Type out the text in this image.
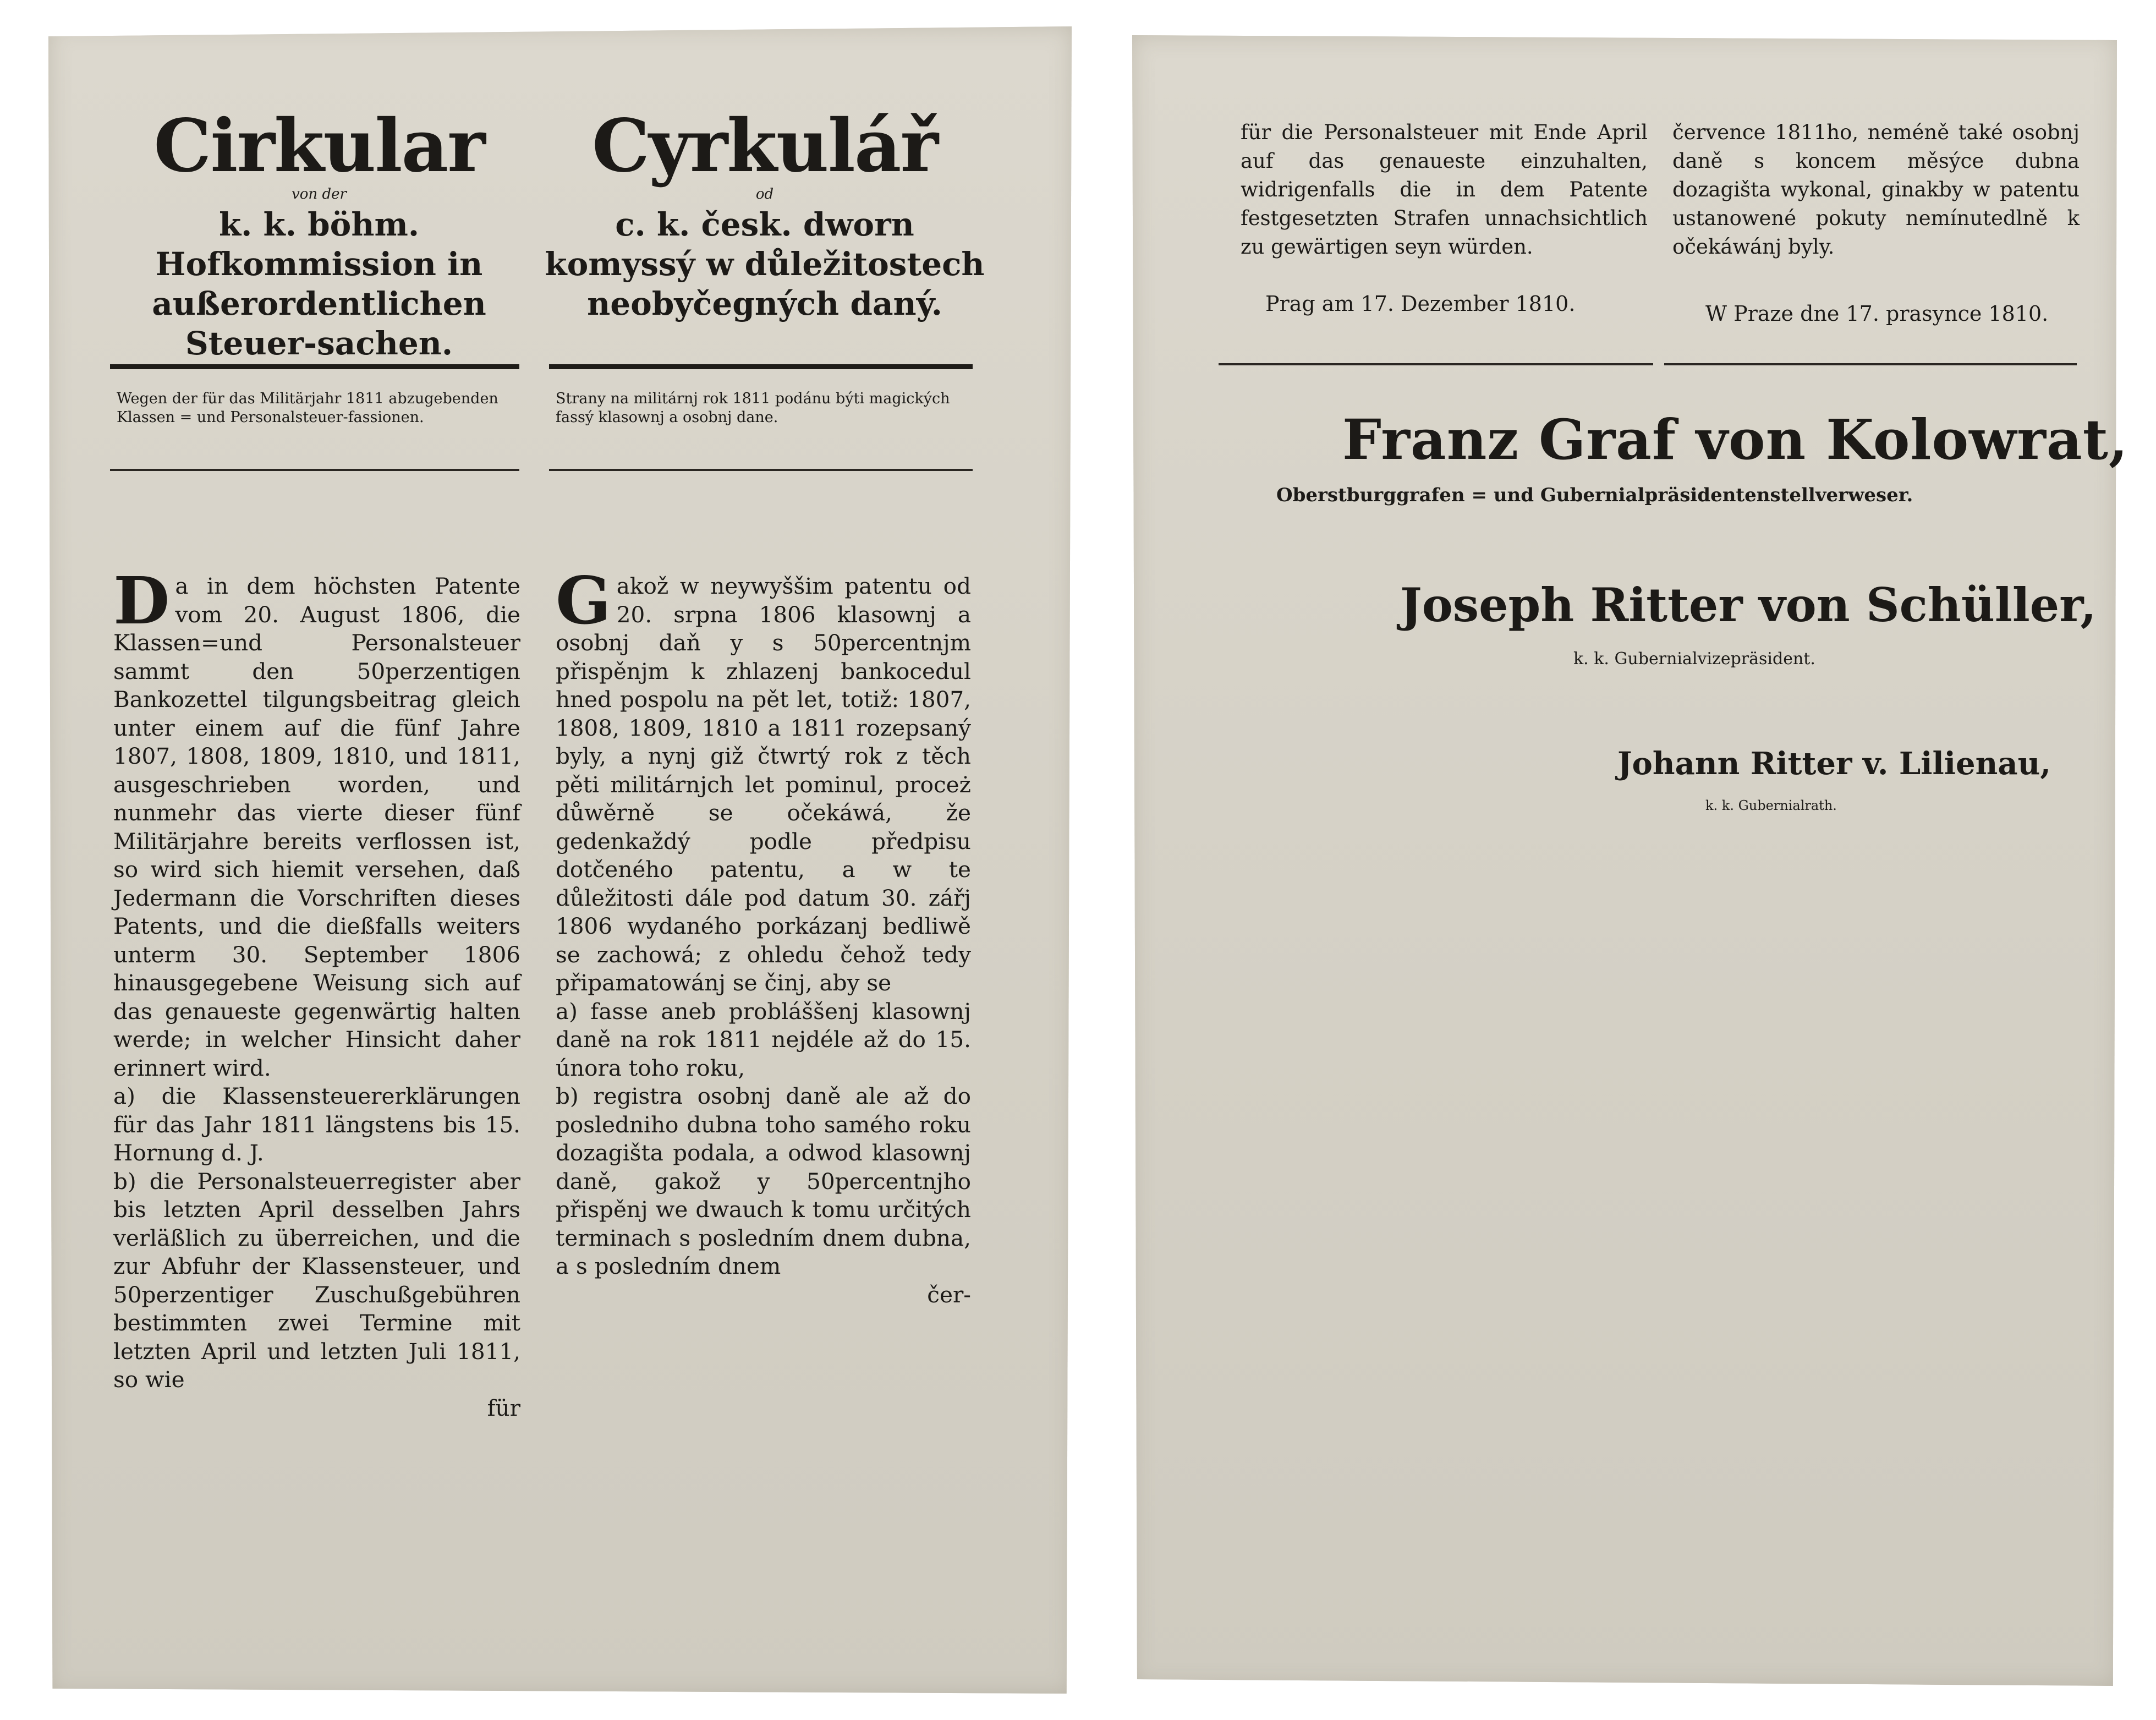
Cirkular
von der
k. k. böhm. Hofkommission in außerordentlichen Steuer-sachen.
Cyrkulář
od
c. k. česk. dworn komyssý w důležitostech neobyčegných daný.
Wegen der für das Militärjahr 1811 abzugebenden Klassen = und Personalsteuer-fassionen.
Strany na militárnj rok 1811 podánu býti magických fassý klasownj a osobnj dane.

Da in dem höchsten Patente vom 20. August 1806, die Klassen=und Personalsteuer sammt den 50perzentigen Bankozettel tilgungsbeitrag gleich unter einem auf die fünf Jahre 1807, 1808, 1809, 1810, und 1811, ausgeschrieben worden, und nunmehr das vierte dieser fünf Militärjahre bereits verflossen ist, so wird sich hiemit versehen, daß Jedermann die Vorschriften dieses Patents, und die dießfalls weiters unterm 30. September 1806 hinausgegebene Weisung sich auf das genaueste gegenwärtig halten werde; in welcher Hinsicht daher erinnert wird.

a) die Klassensteuererklärungen für das Jahr 1811 längstens bis 15. Hornung d. J.

b) die Personalsteuerregister aber bis letzten April desselben Jahrs verläßlich zu überreichen, und die zur Abfuhr der Klassensteuer, und 50perzentiger Zuschußgebühren bestimmten zwei Termine mit letzten April und letzten Juli 1811, so wie

für

Gakož w neywyššim patentu od 20. srpna 1806 klasownj a osobnj daň y s 50percentnjm přispěnjm k zhlazenj bankocedul hned pospolu na pět let, totiž: 1807, 1808, 1809, 1810 a 1811 rozepsaný byly, a nynj giž čtwrtý rok z těch pěti militárnjch let pominul, proceż důwěrně se očekáwá, že gedenkaždý podle předpisu dotčeného patentu, a w te důležitosti dále pod datum 30. zářj 1806 wydaného porkázanj bedliwě se zachowá; z ohledu čehož tedy připamatowánj se činj, aby se

a) fasse aneb probláššenj klasownj daně na rok 1811 nejdéle až do 15. února toho roku,

b) registra osobnj daně ale až do posledniho dubna toho samého roku dozagišta podala, a odwod klasownj daně, gakož y 50percentnjho přispěnj we dwauch k tomu určitých terminach s posledním dnem dubna, a s posledním dnem

čer-

für die Personalsteuer mit Ende April auf das genaueste einzuhalten, widrigenfalls die in dem Patente festgesetzten Strafen unnachsichtlich zu gewärtigen seyn würden.
července 1811ho, neméně také osobnj daně s koncem měsýce dubna dozagišta wykonal, ginakby w patentu ustanowené pokuty nemínutedlně k očekáwánj byly.
Prag am 17. Dezember 1810.	W Praze dne 17. prasynce 1810.
Franz Graf von Kolowrat,
Oberstburggrafen = und Gubernialpräsidentenstellverweser.
Joseph Ritter von Schüller,
k. k. Gubernialvizepräsident.
Johann Ritter v. Lilienau,
k. k. Gubernialrath.
